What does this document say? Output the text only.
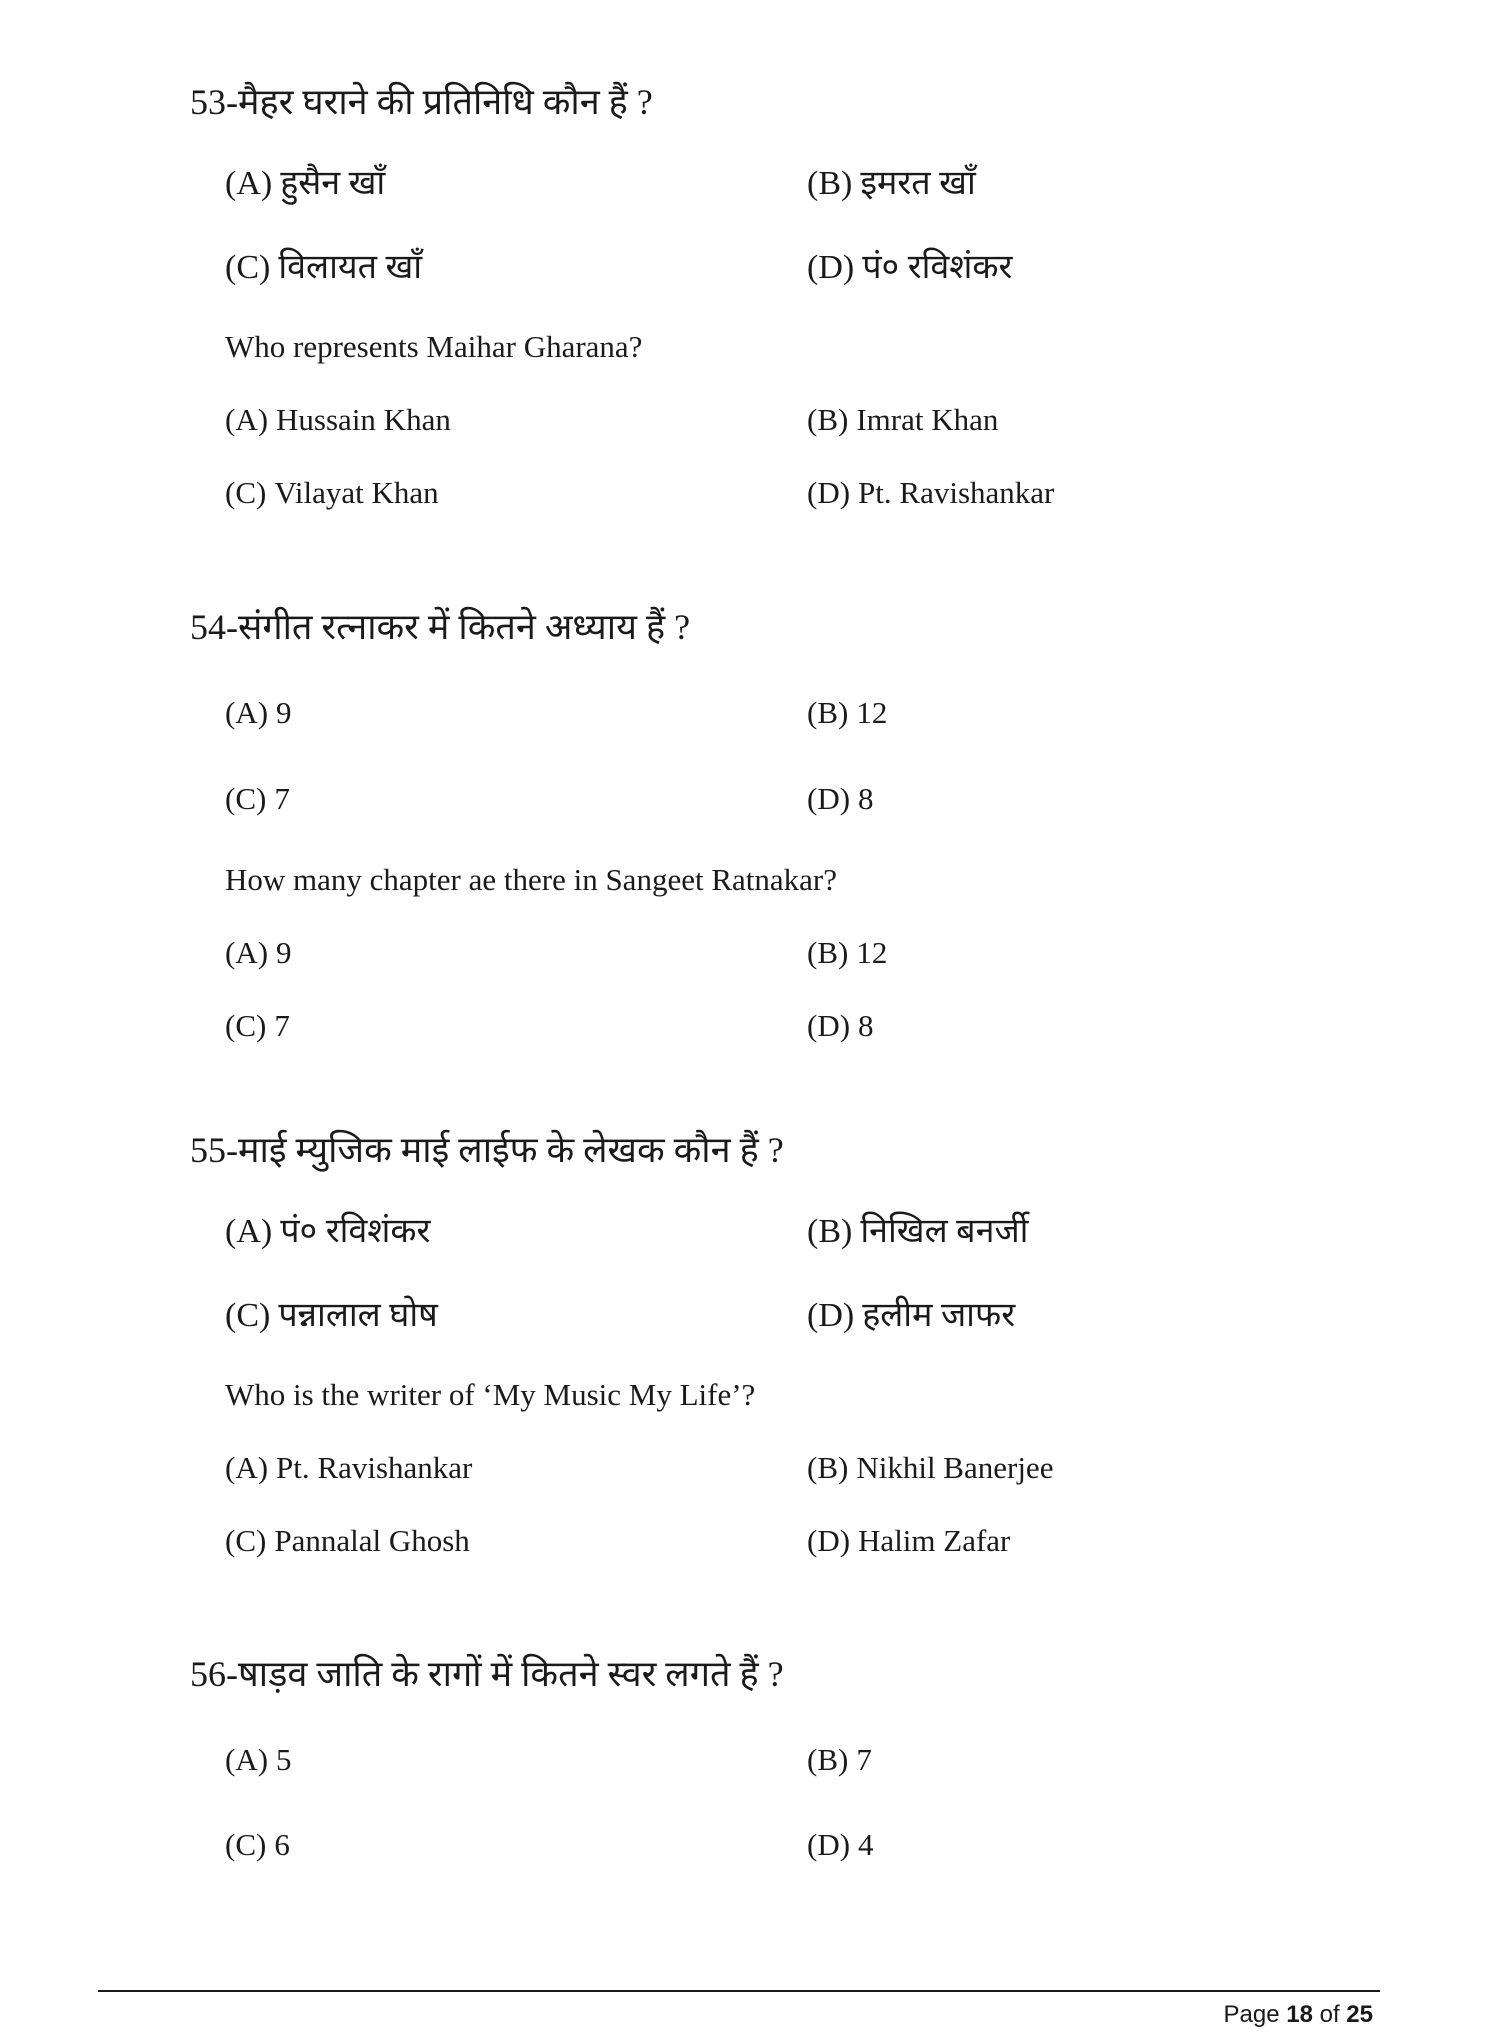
53-मैहर घराने की प्रतिनिधि कौन हैं ?
(A) हुसैन खाँ	(B) इमरत खाँ
(C) विलायत खाँ	(D) पं० रविशंकर
Who represents Maihar Gharana?
(A) Hussain Khan	(B) Imrat Khan
(C) Vilayat Khan	(D) Pt. Ravishankar
54-संगीत रत्नाकर में कितने अध्याय हैं ?
(A) 9	(B) 12
(C) 7	(D) 8
How many chapter ae there in Sangeet Ratnakar?
(A) 9	(B) 12
(C) 7	(D) 8
55-माई म्युजिक माई लाईफ के लेखक कौन हैं ?
(A) पं० रविशंकर	(B) निखिल बनर्जी
(C) पन्नालाल घोष	(D) हलीम जाफर
Who is the writer of ‘My Music My Life’?
(A) Pt. Ravishankar	(B) Nikhil Banerjee
(C) Pannalal Ghosh	(D) Halim Zafar
56-षाड़व जाति के रागों में कितने स्वर लगते हैं ?
(A) 5	(B) 7
(C) 6	(D) 4
Page 18 of 25
